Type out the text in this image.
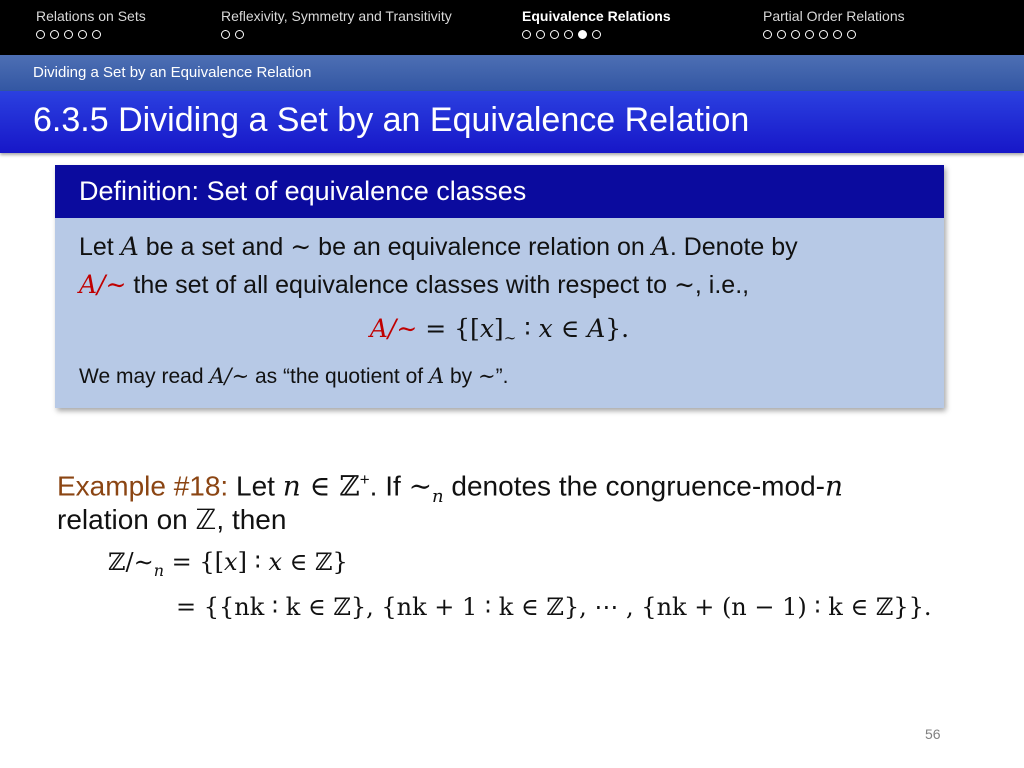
Relations on Sets	Reflexivity, Symmetry and Transitivity	Equivalence Relations	Partial Order Relations
Dividing a Set by an Equivalence Relation
6.3.5 Dividing a Set by an Equivalence Relation
Definition: Set of equivalence classes
Let A be a set and ∼ be an equivalence relation on A. Denote by
A/∼ the set of all equivalence classes with respect to ∼, i.e.,
A/∼ = {$[x]_\sim$ ∶ x ∈ A}.
We may read A/∼ as “the quotient of A by ∼”.
Example #18: Let n ∈ ℤ+. If $\sim_n$ denotes the congruence-mod-n
relation on ℤ, then
$ℤ/\sim_n = \{[x]$ ∶ x ∈ ℤ}
= {{nk ∶ k ∈ ℤ}, {nk + 1 ∶ k ∈ ℤ}, ⋯ , {nk + (n − 1) ∶ k ∈ ℤ}}.
56
